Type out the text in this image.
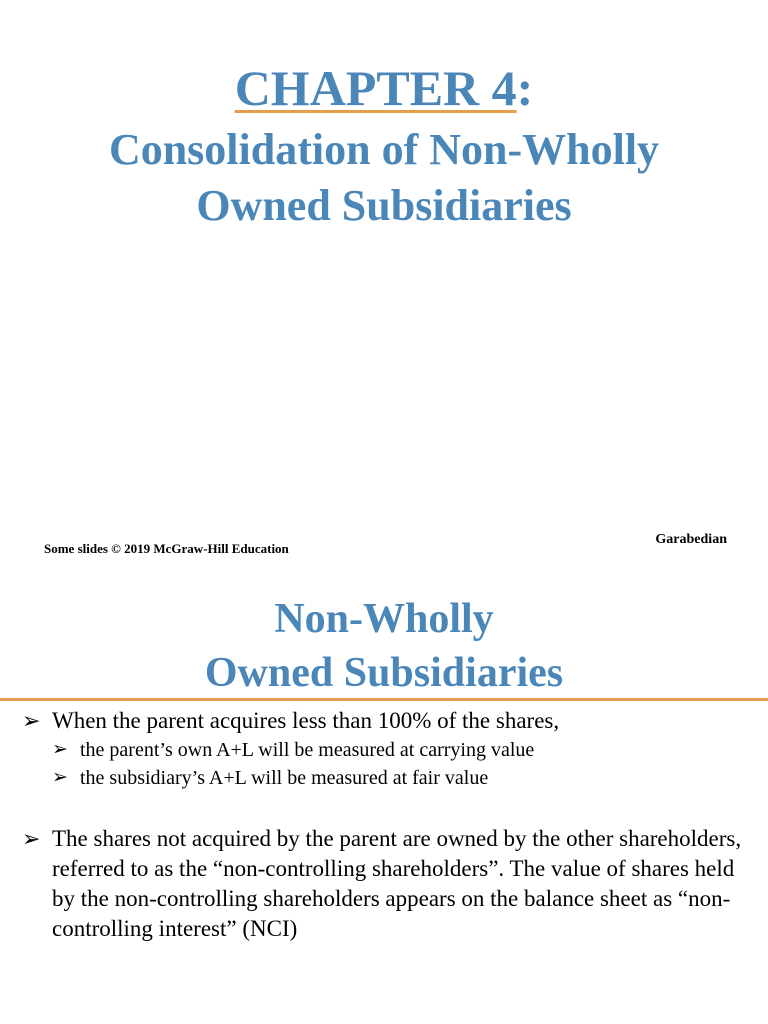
CHAPTER 4:
Consolidation of Non-Wholly
Owned Subsidiaries
Some slides © 2019 McGraw-Hill Education
Garabedian
Non-Wholly
Owned Subsidiaries
➢ When the parent acquires less than 100% of the shares,
➢ the parent’s own A+L will be measured at carrying value
➢ the subsidiary’s A+L will be measured at fair value
➢ The shares not acquired by the parent are owned by the other shareholders, referred to as the “non-controlling shareholders”. The value of shares held by the non-controlling shareholders appears on the balance sheet as “non-controlling interest” (NCI)
